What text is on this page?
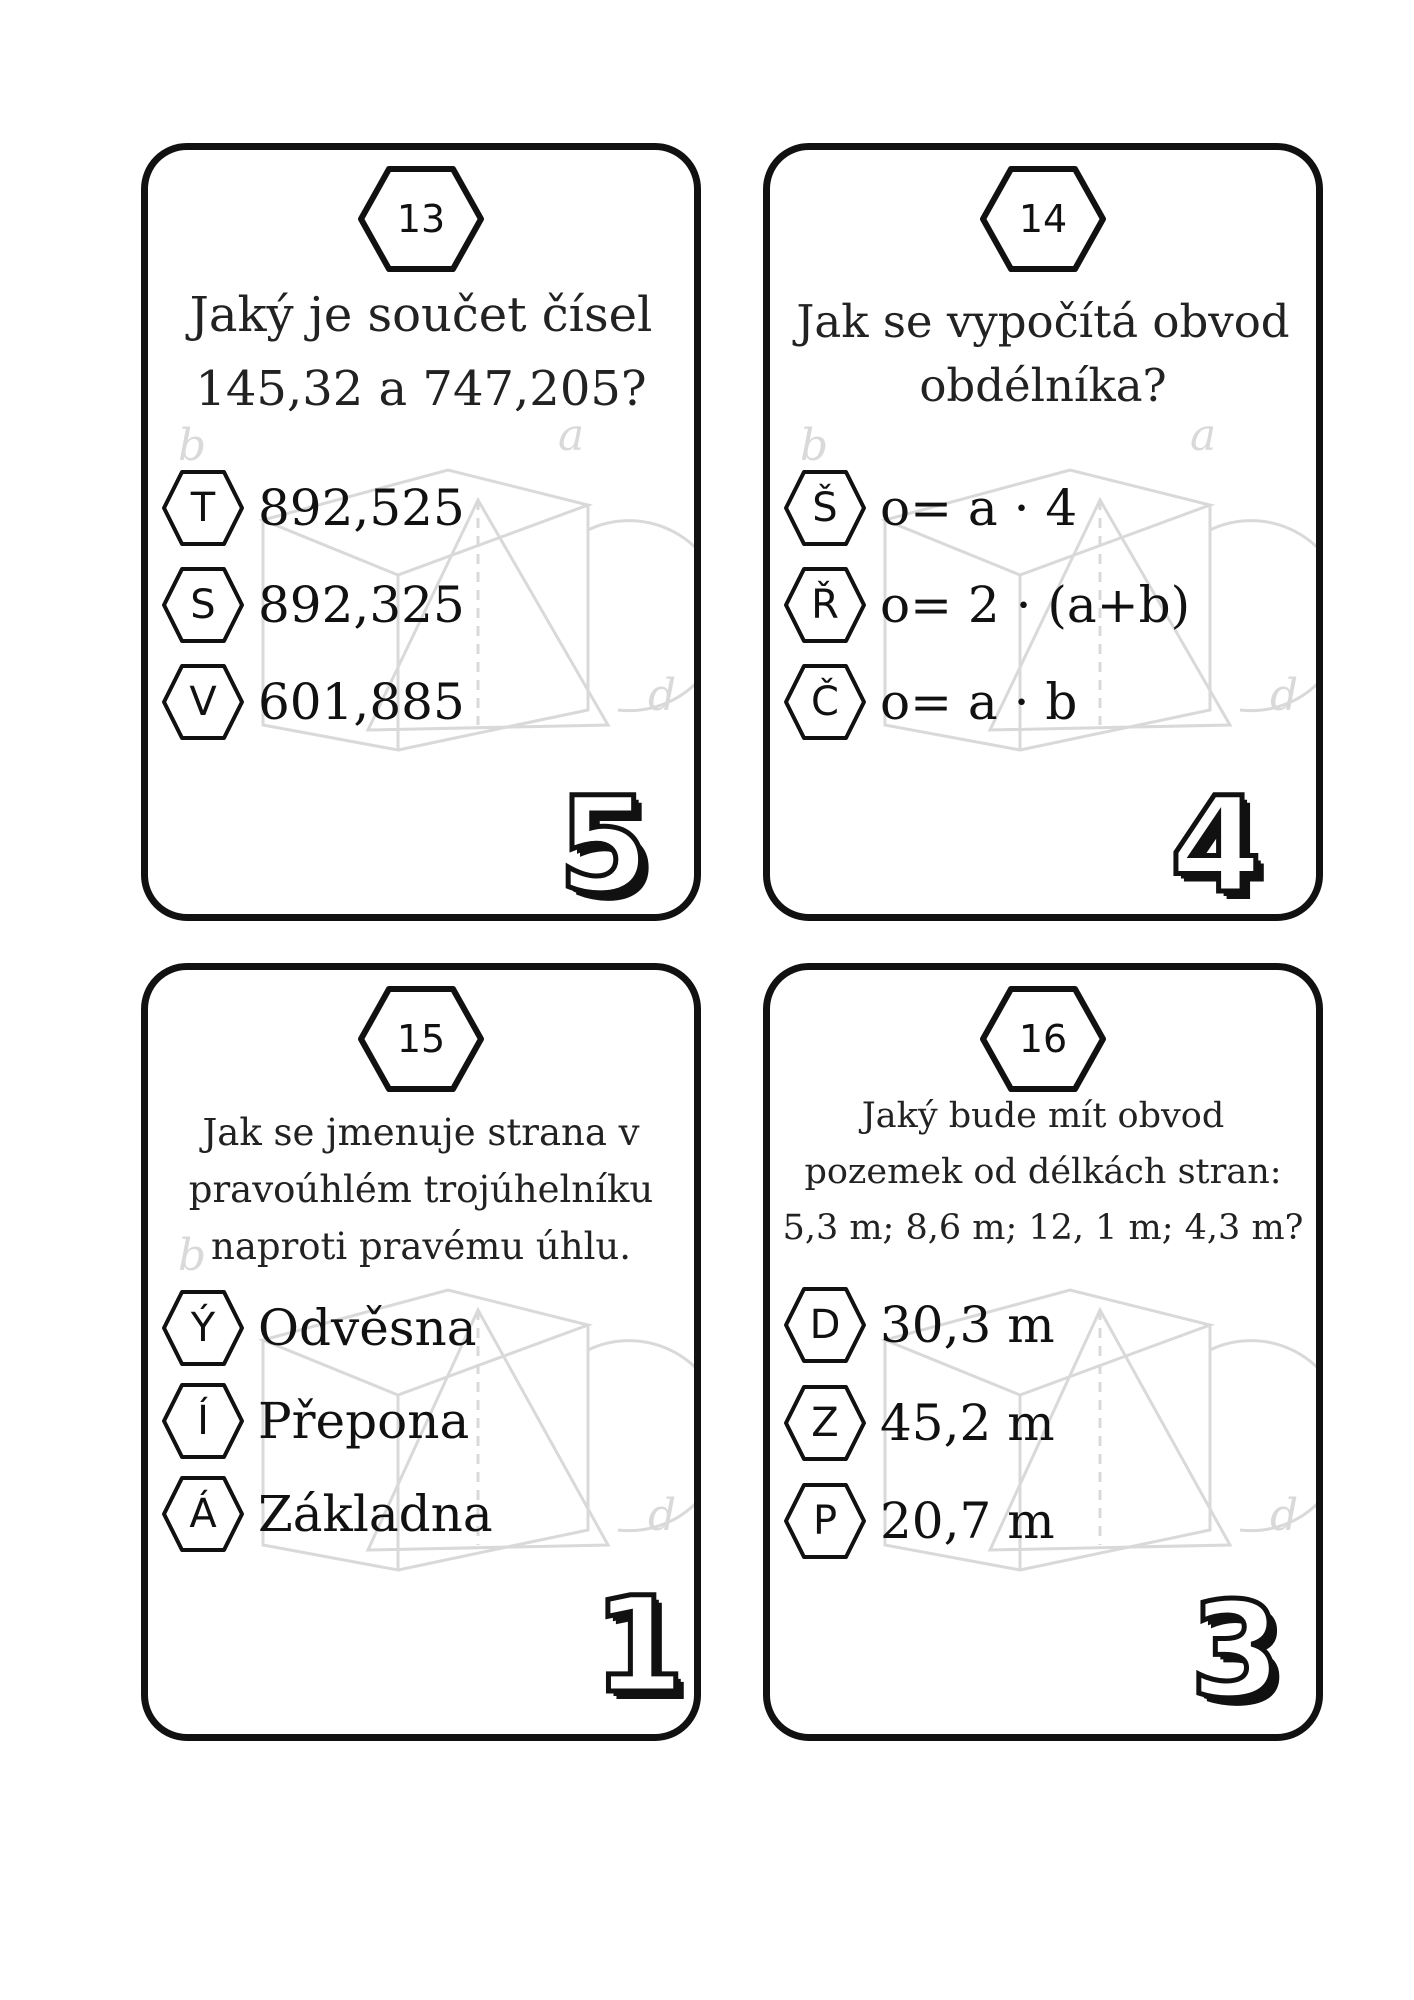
b	a
d
13
Jaký je součet čísel
145,32 a 747,205?
T 892,525
S 892,325
V 601,885
5
b	a
d
14
Jak se vypočítá obvod
obdélníka?
Š o= a · 4
Ř o= 2 · (a+b)
Č o= a · b
4
b
d
15
Jak se jmenuje strana v
pravoúhlém trojúhelníku
naproti pravému úhlu.
Ý Odvěsna
Í Přepona
Á Základna
1
d
16
Jaký bude mít obvod
pozemek od délkách stran:
5,3 m; 8,6 m; 12, 1 m; 4,3 m?
D 30,3 m
Z 45,2 m
P 20,7 m
3
